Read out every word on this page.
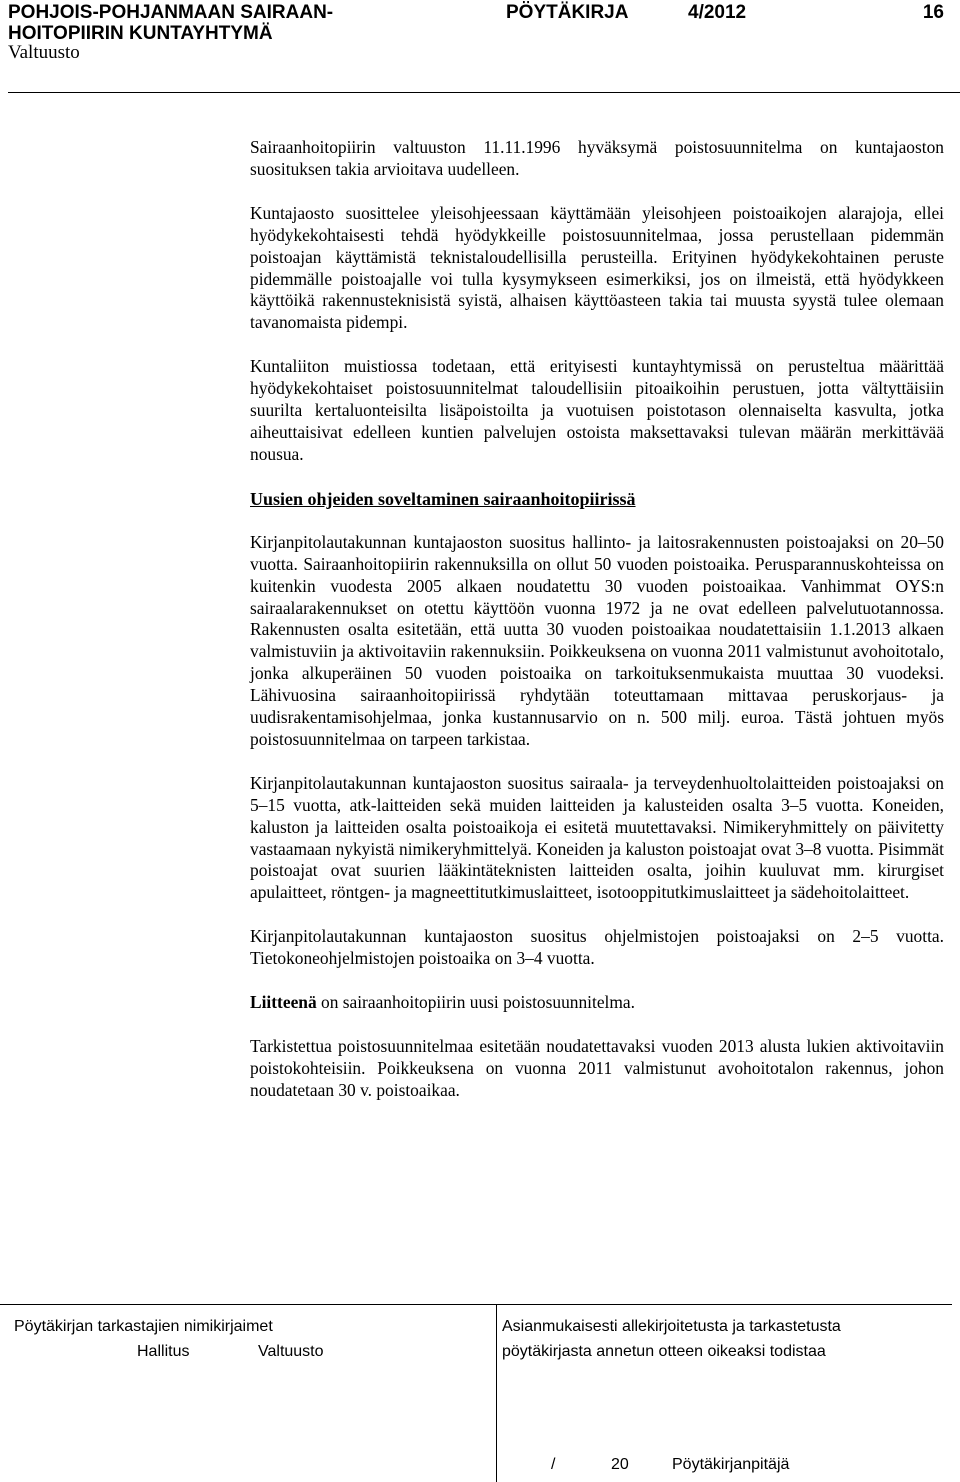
POHJOIS-POHJANMAAN SAIRAAN-
HOITOPIIRIN KUNTAYHTYMÄ
PÖYTÄKIRJA	4/2012	16
Valtuusto

Sairaanhoitopiirin valtuuston 11.11.1996 hyväksymä poistosuunnitelma on kuntajaoston suosituksen takia arvioitava uudelleen.

Kuntajaosto suosittelee yleisohjeessaan käyttämään yleisohjeen poistoaikojen alarajoja, ellei hyödykekohtaisesti tehdä hyödykkeille poistosuunnitelmaa, jossa perustellaan pidemmän poistoajan käyttämistä teknistaloudellisilla perusteilla. Erityinen hyödykekohtainen peruste pidemmälle poistoajalle voi tulla kysymykseen esimerkiksi, jos on ilmeistä, että hyödykkeen käyttöikä rakennusteknisistä syistä, alhaisen käyttöasteen takia tai muusta syystä tulee olemaan tavanomaista pidempi.

Kuntaliiton muistiossa todetaan, että erityisesti kuntayhtymissä on perusteltua määrittää hyödykekohtaiset poistosuunnitelmat taloudellisiin pitoaikoihin perustuen, jotta vältyttäisiin suurilta kertaluonteisilta lisäpoistoilta ja vuotuisen poistotason olennaiselta kasvulta, jotka aiheuttaisivat edelleen kuntien palvelujen ostoista maksettavaksi tulevan määrän merkittävää nousua.

Uusien ohjeiden soveltaminen sairaanhoitopiirissä

Kirjanpitolautakunnan kuntajaoston suositus hallinto- ja laitosrakennusten poistoajaksi on 20–50 vuotta. Sairaanhoitopiirin rakennuksilla on ollut 50 vuoden poistoaika. Perusparannuskohteissa on kuitenkin vuodesta 2005 alkaen noudatettu 30 vuoden poistoaikaa. Vanhimmat OYS:n sairaalarakennukset on otettu käyttöön vuonna 1972 ja ne ovat edelleen palvelutuotannossa. Rakennusten osalta esitetään, että uutta 30 vuoden poistoaikaa noudatettaisiin 1.1.2013 alkaen valmistuviin ja aktivoitaviin rakennuksiin. Poikkeuksena on vuonna 2011 valmistunut avohoitotalo, jonka alkuperäinen 50 vuoden poistoaika on tarkoituksenmukaista muuttaa 30 vuodeksi. Lähivuosina sairaanhoitopiirissä ryhdytään toteuttamaan mittavaa peruskorjaus- ja uudisrakentamisohjelmaa, jonka kustannusarvio on n. 500 milj. euroa. Tästä johtuen myös poistosuunnitelmaa on tarpeen tarkistaa.

Kirjanpitolautakunnan kuntajaoston suositus sairaala- ja terveydenhuoltolaitteiden poistoajaksi on 5–15 vuotta, atk-laitteiden sekä muiden laitteiden ja kalusteiden osalta 3–5 vuotta. Koneiden, kaluston ja laitteiden osalta poistoaikoja ei esitetä muutettavaksi. Nimikeryhmittely on päivitetty vastaamaan nykyistä nimikeryhmittelyä. Koneiden ja kaluston poistoajat ovat 3–8 vuotta. Pisimmät poistoajat ovat suurien lääkintäteknisten laitteiden osalta, joihin kuuluvat mm. kirurgiset apulaitteet, röntgen- ja magneettitutkimuslaitteet, isotooppitutkimuslaitteet ja sädehoitolaitteet.

Kirjanpitolautakunnan kuntajaoston suositus ohjelmistojen poistoajaksi on 2–5 vuotta. Tietokoneohjelmistojen poistoaika on 3–4 vuotta.

Liitteenä on sairaanhoitopiirin uusi poistosuunnitelma.

Tarkistettua poistosuunnitelmaa esitetään noudatettavaksi vuoden 2013 alusta lukien aktivoitaviin poistokohteisiin. Poikkeuksena on vuonna 2011 valmistunut avohoitotalon rakennus, johon noudatetaan 30 v. poistoaikaa.

Pöytäkirjan tarkastajien nimikirjaimet
Hallitus	Valtuusto
Asianmukaisesti allekirjoitetusta ja tarkastetusta
pöytäkirjasta annetun otteen oikeaksi todistaa
/	20	Pöytäkirjanpitäjä
